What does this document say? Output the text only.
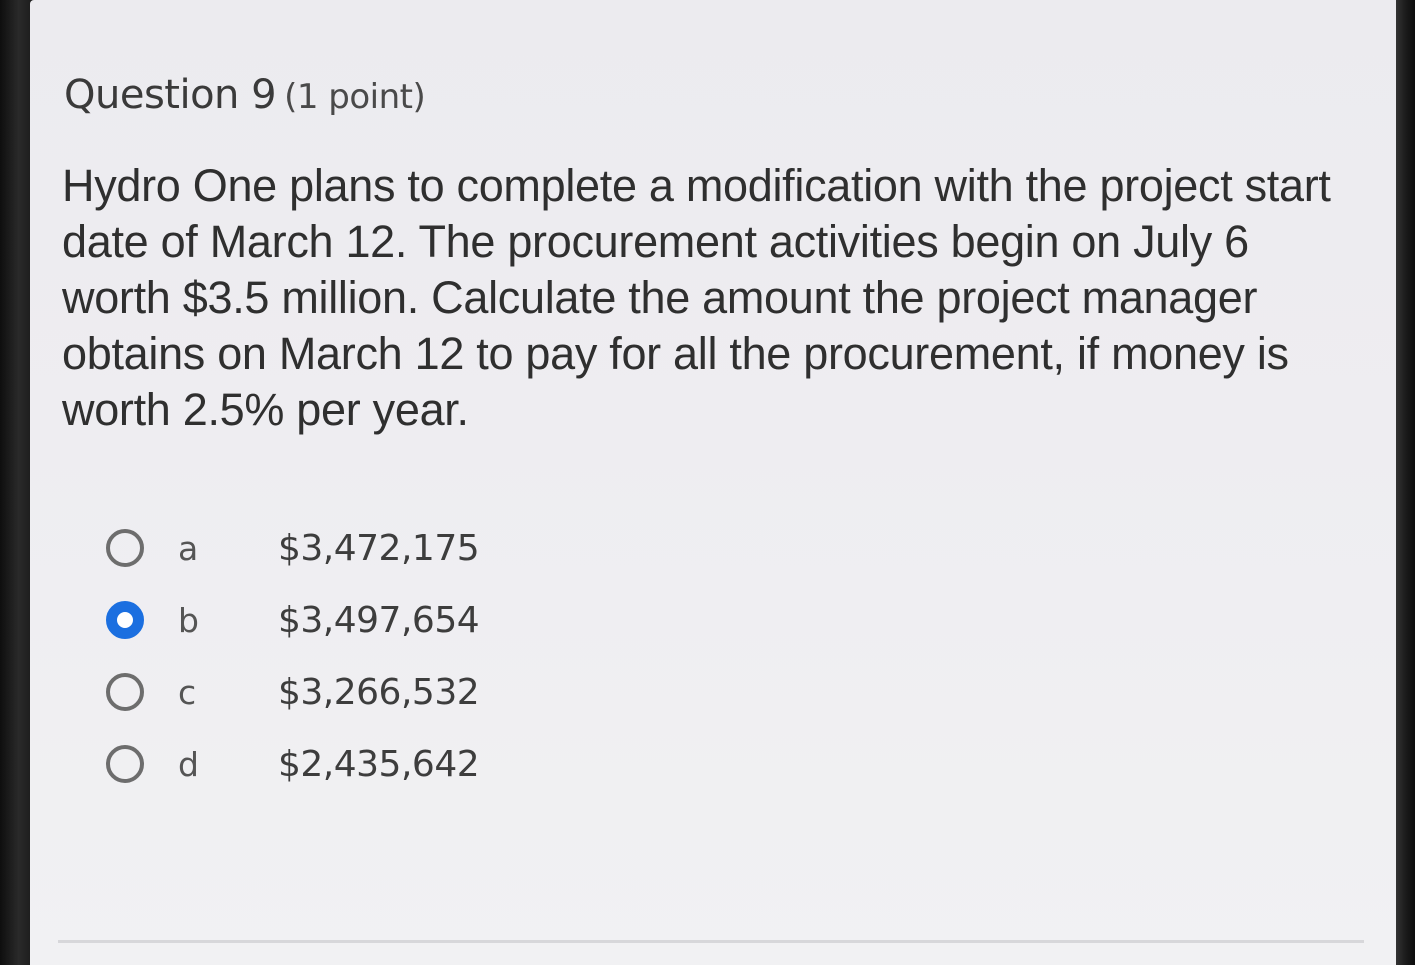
Question 9 (1 point)
Hydro One plans to complete a modification with the project start date of March 12. The procurement activities begin on July 6 worth $3.5 million. Calculate the amount the project manager obtains on March 12 to pay for all the procurement, if money is worth 2.5% per year.
a	$3,472,175
b	$3,497,654
c	$3,266,532
d	$2,435,642
